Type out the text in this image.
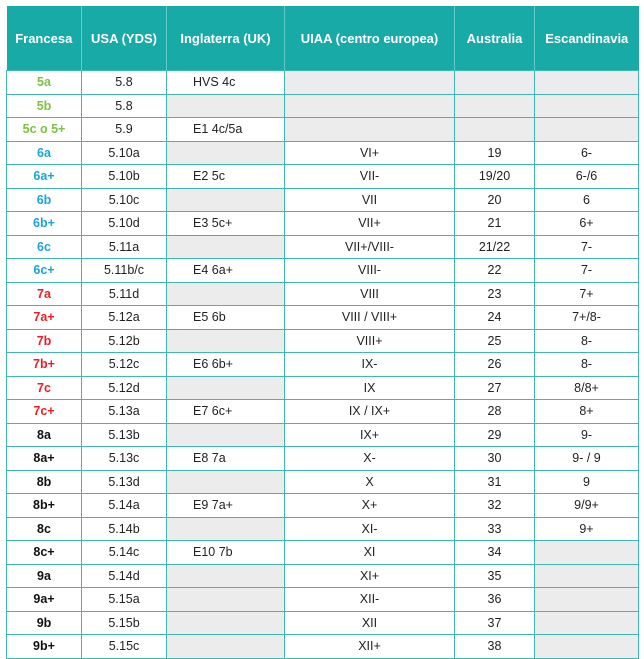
Francesa	USA (YDS)	Inglaterra (UK)	UIAA (centro europea)	Australia	Escandinavia
5a	5.8	HVS 4c			
5b	5.8				
5c o 5+	5.9	E1 4c/5a			
6a	5.10a		VI+	19	6-
6a+	5.10b	E2 5c	VII-	19/20	6-/6
6b	5.10c		VII	20	6
6b+	5.10d	E3 5c+	VII+	21	6+
6c	5.11a		VII+/VIII-	21/22	7-
6c+	5.11b/c	E4 6a+	VIII-	22	7-
7a	5.11d		VIII	23	7+
7a+	5.12a	E5 6b	VIII / VIII+	24	7+/8-
7b	5.12b		VIII+	25	8-
7b+	5.12c	E6 6b+	IX-	26	8-
7c	5.12d		IX	27	8/8+
7c+	5.13a	E7 6c+	IX / IX+	28	8+
8a	5.13b		IX+	29	9-
8a+	5.13c	E8 7a	X-	30	9- / 9
8b	5.13d		X	31	9
8b+	5.14a	E9 7a+	X+	32	9/9+
8c	5.14b		XI-	33	9+
8c+	5.14c	E10 7b	XI	34	
9a	5.14d		XI+	35	
9a+	5.15a		XII-	36	
9b	5.15b		XII	37	
9b+	5.15c		XII+	38	
